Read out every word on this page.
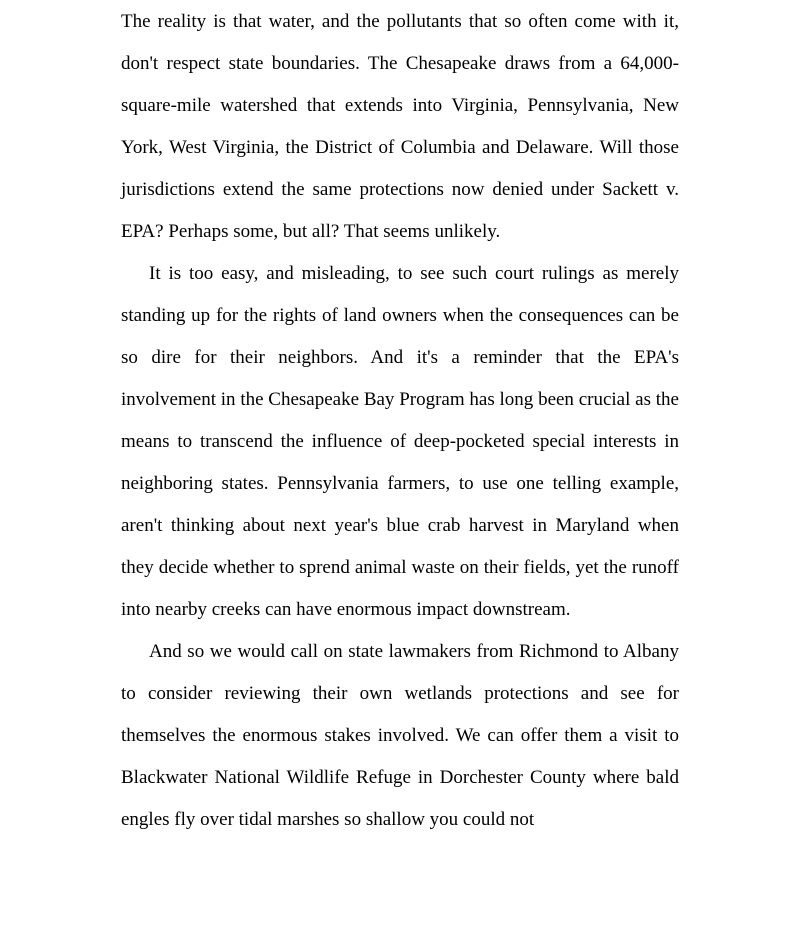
The reality is that water, and the pollutants that so often come with it, don't respect state boundaries. The Chesapeake draws from a 64,000-square-mile watershed that extends into Virginia, Pennsylvania, New York, West Virginia, the District of Columbia and Delaware. Will those jurisdictions extend the same protections now denied under Sackett v. EPA? Perhaps some, but all? That seems unlikely.

It is too easy, and misleading, to see such court rulings as merely standing up for the rights of land owners when the consequences can be so dire for their neighbors. And it's a reminder that the EPA's involvement in the Chesapeake Bay Program has long been crucial as the means to transcend the influence of deep-pocketed special interests in neighboring states. Pennsylvania farmers, to use one telling example, aren't thinking about next year's blue crab harvest in Maryland when they decide whether to sprend animal waste on their fields, yet the runoff into nearby creeks can have enormous impact downstream.

And so we would call on state lawmakers from Richmond to Albany to consider reviewing their own wetlands protections and see for themselves the enormous stakes involved. We can offer them a visit to Blackwater National Wildlife Refuge in Dorchester County where bald engles fly over tidal marshes so shallow you could not
